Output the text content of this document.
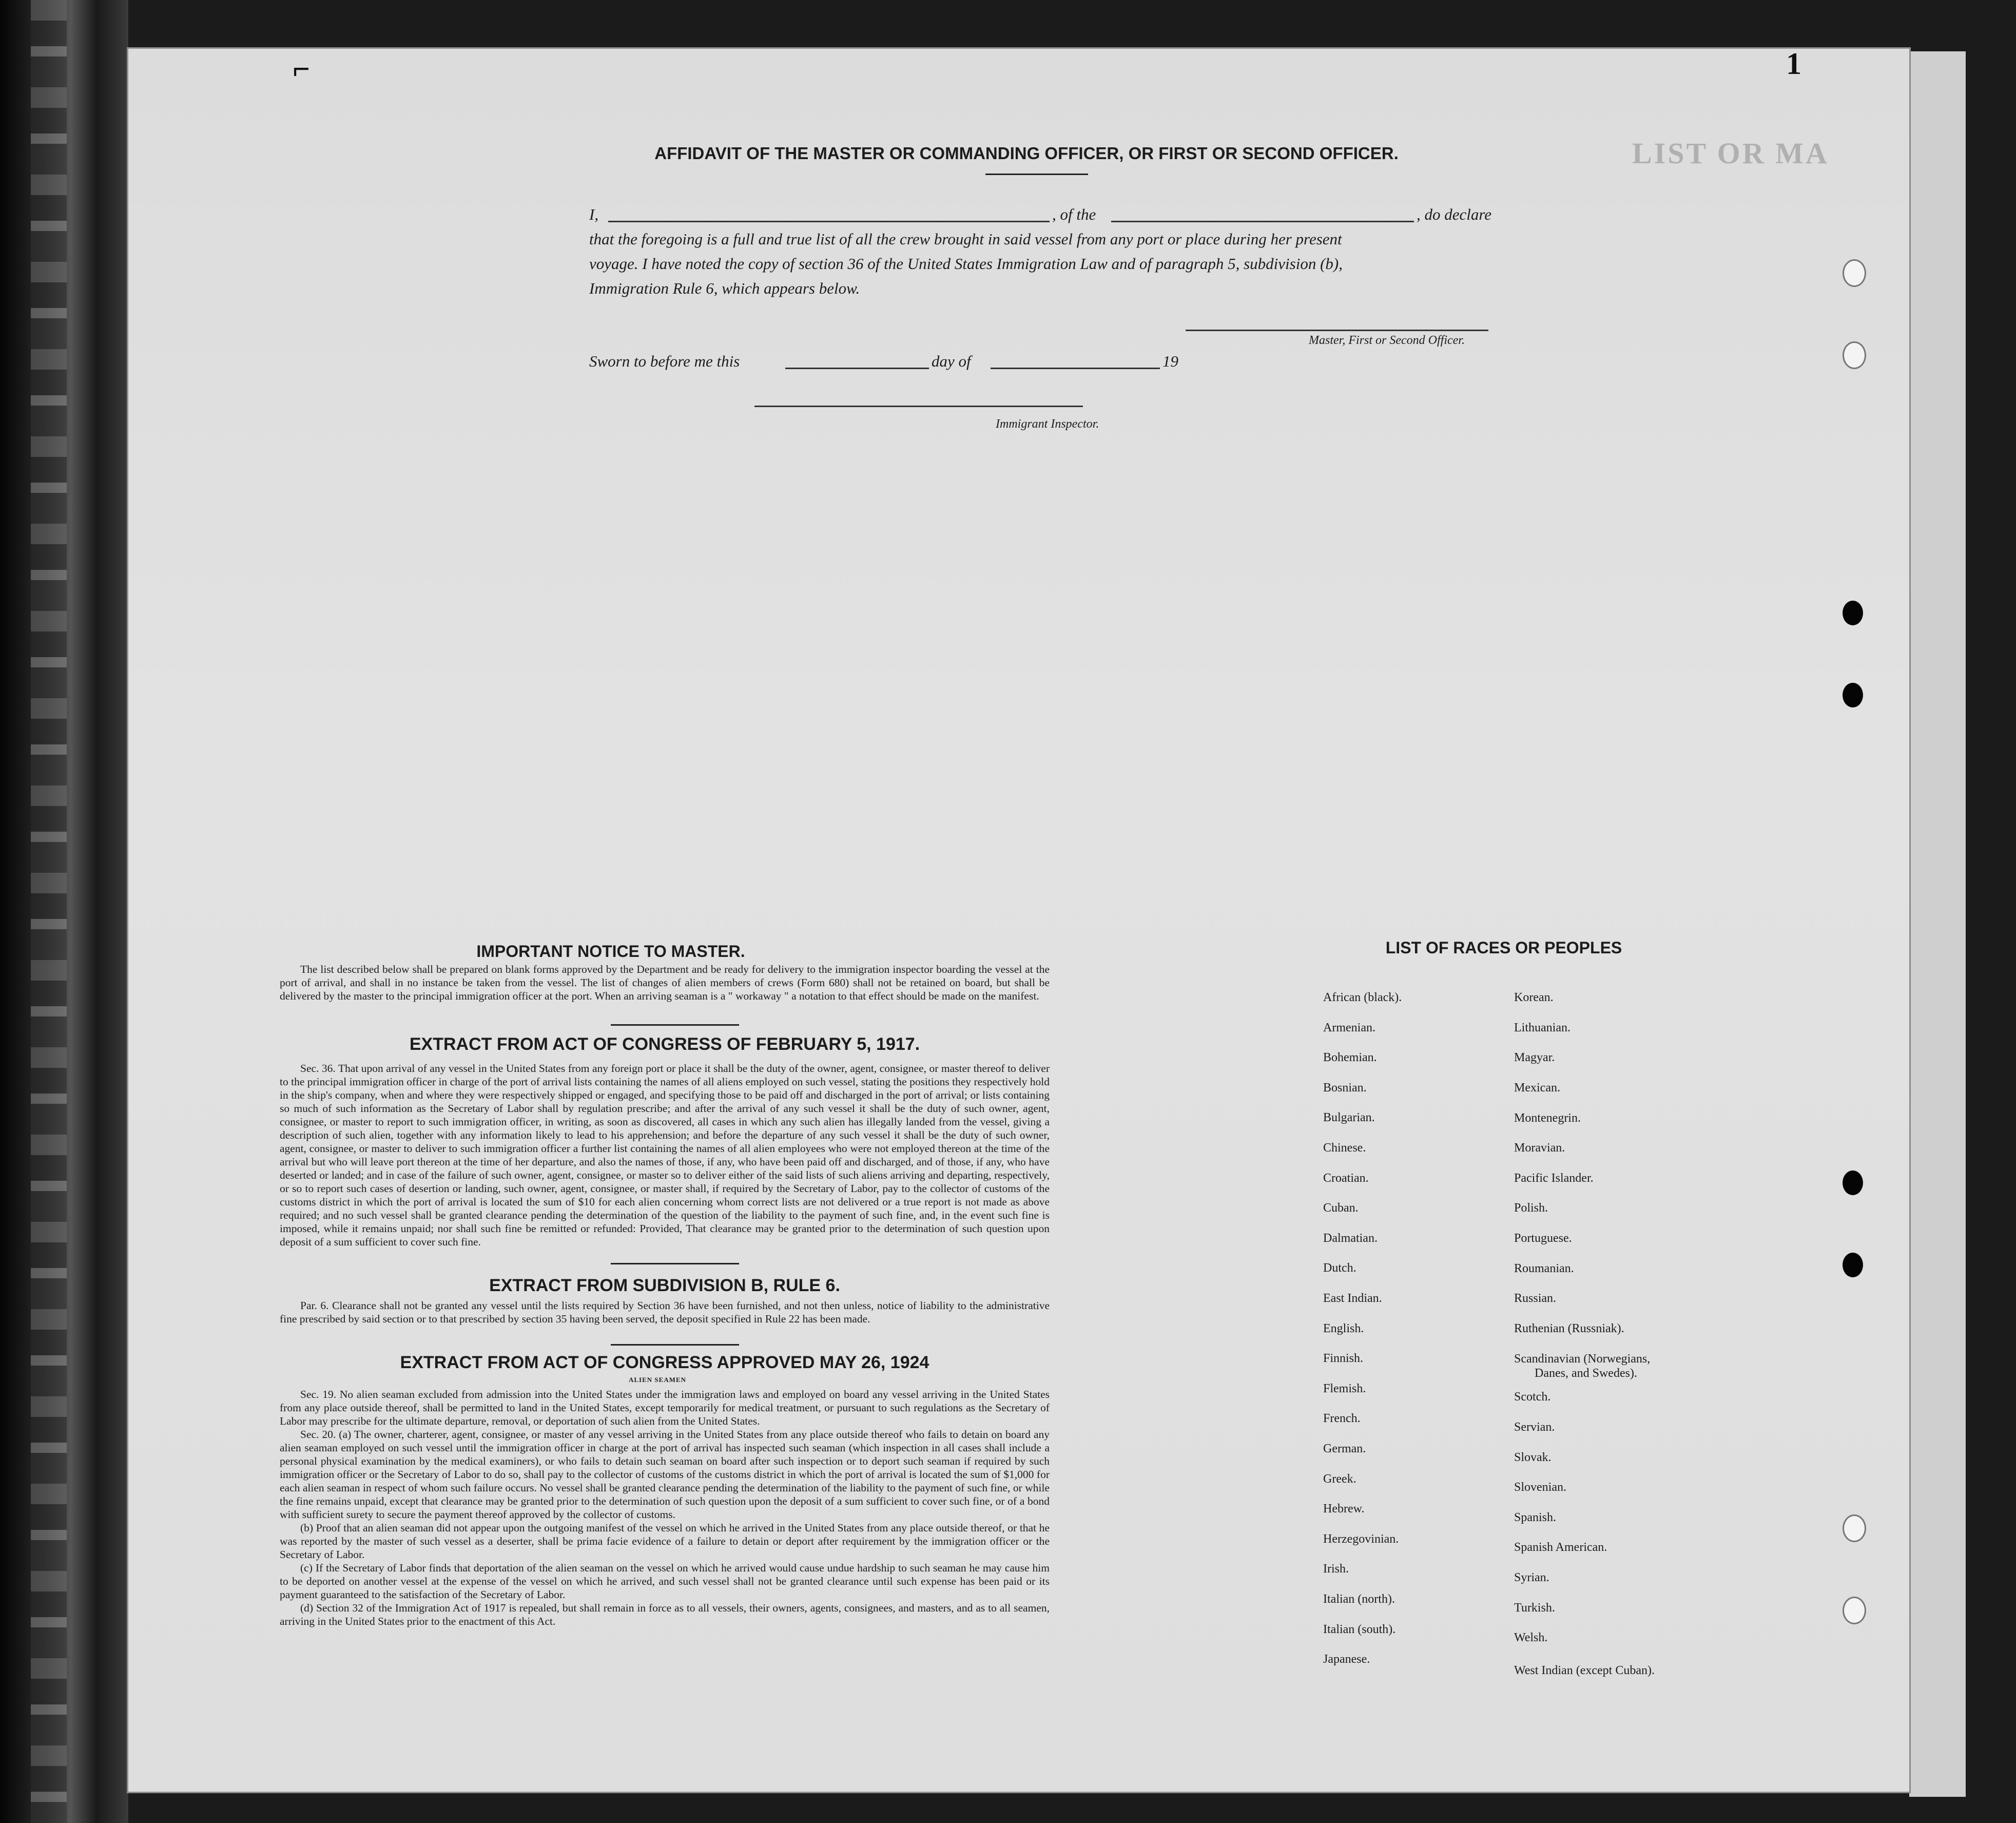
LIST OR MA
⌐	1
AFFIDAVIT OF THE MASTER OR COMMANDING OFFICER, OR FIRST OR SECOND OFFICER.
I,	, of the	, do declare
that the foregoing is a full and true list of all the crew brought in said vessel from any port or place during her present
voyage. I have noted the copy of section 36 of the United States Immigration Law and of paragraph 5, subdivision (b),
Immigration Rule 6, which appears below.
Master, First or Second Officer.
Sworn to before me this	day of	19
Immigrant Inspector.
IMPORTANT NOTICE TO MASTER.

The list described below shall be prepared on blank forms approved by the Department and be ready for delivery to the immigration inspector boarding the vessel at the port of arrival, and shall in no instance be taken from the vessel. The list of changes of alien members of crews (Form 680) shall not be retained on board, but shall be delivered by the master to the principal immigration officer at the port. When an arriving seaman is a " workaway " a notation to that effect should be made on the manifest.

EXTRACT FROM ACT OF CONGRESS OF FEBRUARY 5, 1917.

Sec. 36. That upon arrival of any vessel in the United States from any foreign port or place it shall be the duty of the owner, agent, consignee, or master thereof to deliver to the principal immigration officer in charge of the port of arrival lists containing the names of all aliens employed on such vessel, stating the positions they respectively hold in the ship's company, when and where they were respectively shipped or engaged, and specifying those to be paid off and discharged in the port of arrival; or lists containing so much of such information as the Secretary of Labor shall by regulation prescribe; and after the arrival of any such vessel it shall be the duty of such owner, agent, consignee, or master to report to such immigration officer, in writing, as soon as discovered, all cases in which any such alien has illegally landed from the vessel, giving a description of such alien, together with any information likely to lead to his apprehension; and before the departure of any such vessel it shall be the duty of such owner, agent, consignee, or master to deliver to such immigration officer a further list containing the names of all alien employees who were not employed thereon at the time of the arrival but who will leave port thereon at the time of her departure, and also the names of those, if any, who have been paid off and discharged, and of those, if any, who have deserted or landed; and in case of the failure of such owner, agent, consignee, or master so to deliver either of the said lists of such aliens arriving and departing, respectively, or so to report such cases of desertion or landing, such owner, agent, consignee, or master shall, if required by the Secretary of Labor, pay to the collector of customs of the customs district in which the port of arrival is located the sum of $10 for each alien concerning whom correct lists are not delivered or a true report is not made as above required; and no such vessel shall be granted clearance pending the determination of the question of the liability to the payment of such fine, and, in the event such fine is imposed, while it remains unpaid; nor shall such fine be remitted or refunded: Provided, That clearance may be granted prior to the determination of such question upon deposit of a sum sufficient to cover such fine.

EXTRACT FROM SUBDIVISION B, RULE 6.

Par. 6. Clearance shall not be granted any vessel until the lists required by Section 36 have been furnished, and not then unless, notice of liability to the administrative fine prescribed by said section or to that prescribed by section 35 having been served, the deposit specified in Rule 22 has been made.

EXTRACT FROM ACT OF CONGRESS APPROVED MAY 26, 1924
ALIEN SEAMEN

Sec. 19. No alien seaman excluded from admission into the United States under the immigration laws and employed on board any vessel arriving in the United States from any place outside thereof, shall be permitted to land in the United States, except temporarily for medical treatment, or pursuant to such regulations as the Secretary of Labor may prescribe for the ultimate departure, removal, or deportation of such alien from the United States.

Sec. 20. (a) The owner, charterer, agent, consignee, or master of any vessel arriving in the United States from any place outside thereof who fails to detain on board any alien seaman employed on such vessel until the immigration officer in charge at the port of arrival has inspected such seaman (which inspection in all cases shall include a personal physical examination by the medical examiners), or who fails to detain such seaman on board after such inspection or to deport such seaman if required by such immigration officer or the Secretary of Labor to do so, shall pay to the collector of customs of the customs district in which the port of arrival is located the sum of $1,000 for each alien seaman in respect of whom such failure occurs. No vessel shall be granted clearance pending the determination of the liability to the payment of such fine, or while the fine remains unpaid, except that clearance may be granted prior to the determination of such question upon the deposit of a sum sufficient to cover such fine, or of a bond with sufficient surety to secure the payment thereof approved by the collector of customs.

(b) Proof that an alien seaman did not appear upon the outgoing manifest of the vessel on which he arrived in the United States from any place outside thereof, or that he was reported by the master of such vessel as a deserter, shall be prima facie evidence of a failure to detain or deport after requirement by the immigration officer or the Secretary of Labor.

(c) If the Secretary of Labor finds that deportation of the alien seaman on the vessel on which he arrived would cause undue hardship to such seaman he may cause him to be deported on another vessel at the expense of the vessel on which he arrived, and such vessel shall not be granted clearance until such expense has been paid or its payment guaranteed to the satisfaction of the Secretary of Labor.

(d) Section 32 of the Immigration Act of 1917 is repealed, but shall remain in force as to all vessels, their owners, agents, consignees, and masters, and as to all seamen, arriving in the United States prior to the enactment of this Act.

LIST OF RACES OR PEOPLES
African (black).
Armenian.
Bohemian.
Bosnian.
Bulgarian.
Chinese.
Croatian.
Cuban.
Dalmatian.
Dutch.
East Indian.
English.
Finnish.
Flemish.
French.
German.
Greek.
Hebrew.
Herzegovinian.
Irish.
Italian (north).
Italian (south).
Japanese.
Korean.
Lithuanian.
Magyar.
Mexican.
Montenegrin.
Moravian.
Pacific Islander.
Polish.
Portuguese.
Roumanian.
Russian.
Ruthenian (Russniak).
Scandinavian (Norwegians,
Danes, and Swedes).
Scotch.
Servian.
Slovak.
Slovenian.
Spanish.
Spanish American.
Syrian.
Turkish.
Welsh.
West Indian (except Cuban).
